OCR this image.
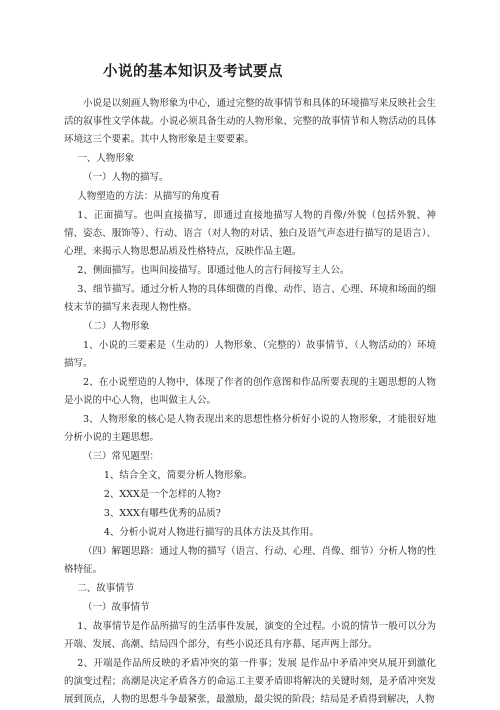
小说的基本知识及考试要点

小说是以刻画人物形象为中心，通过完整的故事情节和具体的环境描写来反映社会生活的叙事性文学体裁。小说必须具备生动的人物形象、完整的故事情节和人物活动的具体环境这三个要素。其中人物形象是主要要素。

一、人物形象

（一）人物的描写。

人物塑造的方法：从描写的角度看

1、正面描写。也叫直接描写，即通过直接地描写人物的肖像/外貌（包括外貌、神情、姿态、服饰等）、行动、语言（对人物的对话、独白及语气声态进行描写的是语言）、心理、来揭示人物思想品质及性格特点，反映作品主题。

2、侧面描写。也叫间接描写。即通过他人的言行间接写主人公。

3、细节描写。通过分析人物的具体细微的肖像、动作、语言、心理、环境和场面的细枝末节的描写来表现人物性格。

（二）人物形象

1、小说的三要素是（生动的）人物形象、（完整的）故事情节、（人物活动的）环境描写。

2、在小说塑造的人物中，体现了作者的创作意图和作品所要表现的主题思想的人物是小说的中心人物，也叫做主人公。

3、人物形象的核心是人物表现出来的思想性格分析好小说的人物形象，才能很好地分析小说的主题思想。

（三）常见题型：

1、结合全文，简要分析人物形象。

2、XXX是一个怎样的人物?

3、XXX有哪些优秀的品质?

4、分析小说对人物进行描写的具体方法及其作用。

（四）解题思路：通过人物的描写（语言、行动、心理、肖像、细节）分析人物的性格特征。

二、故事情节

（一）故事情节

1、故事情节是作品所描写的生活事件发展，演变的全过程。小说的情节一般可以分为开端、发展、高潮、结局四个部分，有些小说还具有序幕、尾声两上部分。

2、开端是作品所反映的矛盾冲突的第一件事；发展 是作品中矛盾冲突从展开到激化的演变过程；高潮是决定矛盾各方的命运工主要矛盾即将解决的关键时刻，是矛盾冲突发展到顶点，人物的思想斗争最紧张，最激励，最尖锐的阶段；结局是矛盾得到解决，人物
